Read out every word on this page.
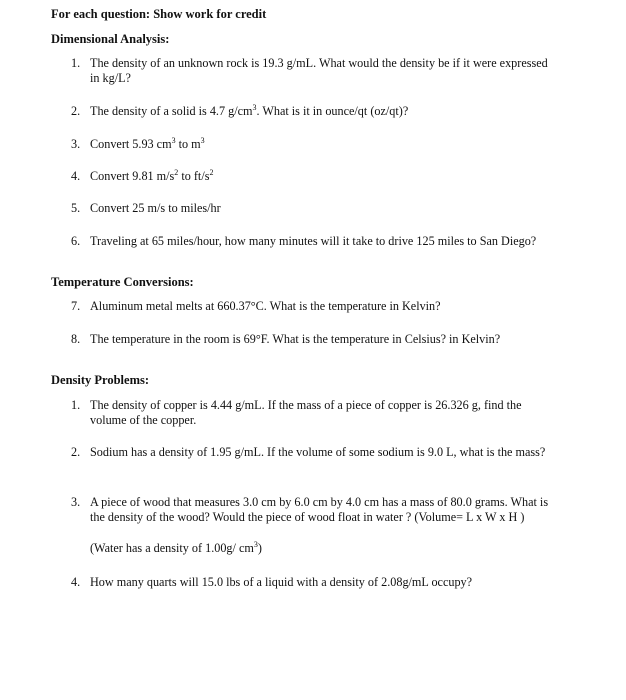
For each question: Show work for credit
Dimensional Analysis:
1. The density of an unknown rock is 19.3 g/mL. What would the density be if it were expressed in kg/L?
2. The density of a solid is 4.7 $g/cm^3$. What is it in ounce/qt (oz/qt)?
3. Convert 5.93 $cm^3$ to $m^3$
4. Convert 9.81 $m/s^2$ to $ft/s^2$
5. Convert 25 m/s to miles/hr
6. Traveling at 65 miles/hour, how many minutes will it take to drive 125 miles to San Diego?
Temperature Conversions:
7. Aluminum metal melts at 660.37°C. What is the temperature in Kelvin?
8. The temperature in the room is 69°F. What is the temperature in Celsius? in Kelvin?
Density Problems:
1. The density of copper is 4.44 g/mL. If the mass of a piece of copper is 26.326 g, find the volume of the copper.
2. Sodium has a density of 1.95 g/mL. If the volume of some sodium is 9.0 L, what is the mass?
3. A piece of wood that measures 3.0 cm by 6.0 cm by 4.0 cm has a mass of 80.0 grams. What is the density of the wood? Would the piece of wood float in water ? (Volume= L x W x H )
(Water has a density of 1.00g/ $cm^3$)
4. How many quarts will 15.0 lbs of a liquid with a density of 2.08g/mL occupy?
